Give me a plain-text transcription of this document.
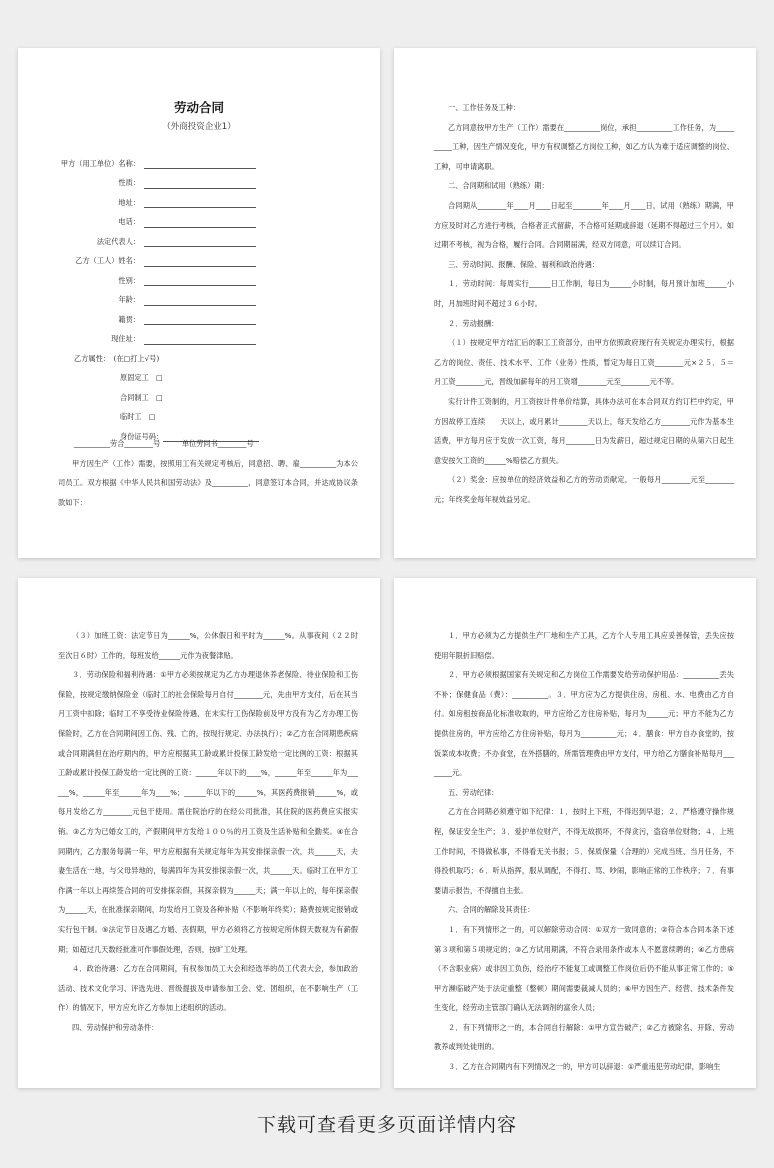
劳动合同
（外商投资企业1）
甲方（用工单位）名称：
性质：
地址：
电话：
法定代表人：
乙方（工人）姓名：
性别：
年龄：
籍贯：
现住址：
乙方属性：　(在□打上√号)
原固定工　□
合同制工　□
临时工　□
身份证号码：

__________劳合________号　　　单位劳同书________号

甲方因生产（工作）需要，按照用工有关规定考核后，同意招、聘、雇__________为本公司员工。双方根据《中华人民共和国劳动法》及__________，同意签订本合同，并达成协议条款如下：

一、工作任务及工种：

乙方同意按甲方生产（工作）需要在__________岗位，承担__________工作任务，为__________工种，因生产情况变化，甲方有权调整乙方岗位工种，如乙方认为难于适应调整的岗位、工种，可申请离职。

二、合同期和试用（熟练）期：

合同期从________年____月____日起至________年____月____日，试用（熟练）期满，甲方应及时对乙方进行考核，合格者正式留薪，不合格可延期或辞退（延期不得超过三个月）。如过期不考核，视为合格，履行合同。合同期届满，经双方同意，可以续订合同。

三、劳动时间、报酬、保险、福利和政治待遇：

１．劳动时间：每周实行______日工作制，每日为______小时制，每月预计加班______小时，月加班时间不超过３６小时。

２．劳动报酬：

（１）按规定甲方结汇后的职工工资部分，由甲方依照政府现行有关规定办理实行，根据乙方的岗位、责任、技术水平、工作（业务）性质，暂定为每日工资________元×２５．５＝月工资________元，晋级加薪每年的月工资增________元至________元不等。

实行计件工资制的，月工资按计件单价结算，具体办法可在本合同双方约订栏中约定，甲方因故停工连续　　天以上，或月累计________天以上，每天发给乙方________元作为基本生活费，甲方每月应于发放一次工资，每月________日为发薪日，超过规定日期的从第六日起生意安按欠工资的______%赔偿乙方损失。

（２）奖金：应按单位的经济效益和乙方的劳动贡献定，一般每月________元至________元；年终奖金每年视效益另定。

（３）加班工资：法定节日为______%，公休假日和平时为______%。从事夜间（２２时至次日６时）工作的，每班发给______元作为夜餐津贴。

３．劳动保险和福利待遇：①甲方必须按规定为乙方办理退休养老保险、待业保险和工伤保险，按规定缴纳保险金（临时工的社会保险每月自付________元，先由甲方支付，后在其当月工资中扣除；临时工不享受待业保险待遇，在未实行工伤保险前及甲方没有为乙方办理工伤保险时，乙方在合同期间因工伤、残、亡的，按现行规定、办法执行）；②乙方在合同期患疾病或合同期满但在治疗期内的，甲方应根据其工龄或累计投保工龄发给一定比例的工资：根据其工龄或累计投保工龄发给一定比例的工资：______年以下的____%，______年至______年为______%，______年至______年为____%；______年以下的______%，其医药费报销______%，或每月发给乙方________元包干使用。需住院治疗的在经公司批准，其住院的医药费应实报实销。③乙方为已婚女工的，产假期间甲方发给１００％的月工资及生活补贴和全勤奖。④在合同期内，乙方服务每满一年，甲方应根据有关规定每年为其安排探亲假一次，共______天，夫妻生活在一地，与父母异地的，每满四年为其安排探亲假一次，共______天。临时工在甲方工作满一年以上再续签合同的可安排探亲假，其探亲假为______天；满一年以上的，每年探亲假为______天，在批准探亲期间，均发给月工资及各种补贴（不影响年终奖）；路费按规定报销或实行包干制。⑤法定节日及遇乙方婚、丧假期，甲方必须将乙方按规定所休假天数视为有薪假期；如超过几天数经批准可作事假处理，否则，按旷工处理。

４．政治待遇：乙方在合同期间，有权参加员工大会和经选举的员工代表大会，参加政治活动、技术文化学习、评选先进、晋级提拔及申请参加工会、党、团组织，在不影响生产（工作）的情况下，甲方应允许乙方参加上述组织的活动。

四、劳动保护和劳动条件：

１．甲方必须为乙方提供生产厂地和生产工具，乙方个人专用工具应妥善保管，丢失应按使用年限折旧赔偿。

２．甲方必须根据国家有关规定和乙方岗位工作需要发给劳动保护用品：__________丢失不补；保健食品（费）：__________。３．甲方应为乙方提供住房，房租、水、电费由乙方自付。如房租按商品化标准收取的，甲方应给乙方住房补贴，每月为______元；甲方不能为乙方提供住房的，甲方应给乙方住房补贴，每月为__________元；４．膳食：甲方自办食堂的，按饭菜成本收费；不办食堂，在外搭膳的，所需管理费由甲方支付，甲方给乙方膳食补贴每月________元。

五、劳动纪律：

乙方在合同期必须遵守如下纪律：１．按时上下班，不得迟到早退；２．严格遵守操作规程，保证安全生产；３．爱护单位财产，不得无故损坏，不得贪污，盗窃单位财物；４．上班工作时间，不得做私事，不得看无关书报；５．保质保量（合理的）完成当班、当月任务，不得投机取巧；６．听从指挥，服从调配，不得打、骂、吵闹，影响正常的工作秩序；７．有事要请示报告，不得擅自主张。

六、合同的解除及其责任：

１．有下列情形之一的，可以解除劳动合同：①双方一致同意的；②符合本合同本条下述第３项和第５项规定的；③乙方试用期满，不符合录用条件或本人不愿意续聘的；④乙方患病（不含职业病）或非因工负伤，经治疗不能复工或调整工作岗位后仍不能从事正常工作的；⑤甲方濒临破产处于法定重整（整顿）期间需要裁减人员的；⑥甲方因生产、经营、技术条件发生变化，经劳动主管部门确认无法调剂的富余人员；

２．有下列情形之一的，本合同自行解除：①甲方宣告破产；②乙方被除名、开除、劳动教养或判处徒刑的。

３．乙方在合同期内有下列情况之一的，甲方可以辞退：①严重违犯劳动纪律，影响生

下载可查看更多页面详情内容
